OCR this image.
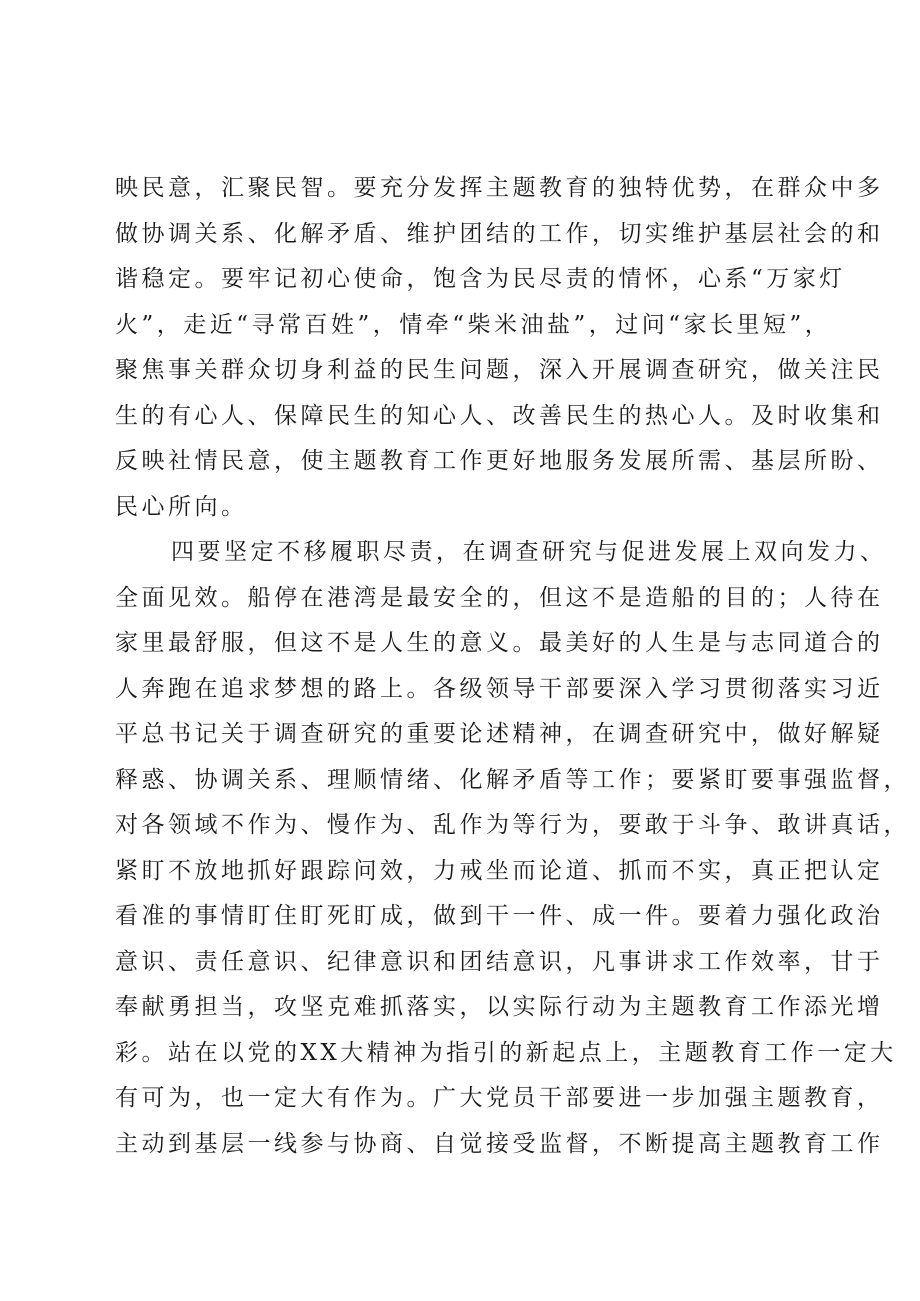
映民意，汇聚民智。要充分发挥主题教育的独特优势，在群众中多
做协调关系、化解矛盾、维护团结的工作，切实维护基层社会的和
谐稳定。要牢记初心使命，饱含为民尽责的情怀，心系“万家灯
火”，走近“寻常百姓”，情牵“柴米油盐”，过问“家长里短”，
聚焦事关群众切身利益的民生问题，深入开展调查研究，做关注民
生的有心人、保障民生的知心人、改善民生的热心人。及时收集和
反映社情民意，使主题教育工作更好地服务发展所需、基层所盼、
民心所向。
四要坚定不移履职尽责，在调查研究与促进发展上双向发力、
全面见效。船停在港湾是最安全的，但这不是造船的目的；人待在
家里最舒服，但这不是人生的意义。最美好的人生是与志同道合的
人奔跑在追求梦想的路上。各级领导干部要深入学习贯彻落实习近
平总书记关于调查研究的重要论述精神，在调查研究中，做好解疑
释惑、协调关系、理顺情绪、化解矛盾等工作；要紧盯要事强监督，
对各领域不作为、慢作为、乱作为等行为，要敢于斗争、敢讲真话，
紧盯不放地抓好跟踪问效，力戒坐而论道、抓而不实，真正把认定
看准的事情盯住盯死盯成，做到干一件、成一件。要着力强化政治
意识、责任意识、纪律意识和团结意识，凡事讲求工作效率，甘于
奉献勇担当，攻坚克难抓落实，以实际行动为主题教育工作添光增
彩。站在以党的XX大精神为指引的新起点上，主题教育工作一定大
有可为，也一定大有作为。广大党员干部要进一步加强主题教育，
主动到基层一线参与协商、自觉接受监督，不断提高主题教育工作
